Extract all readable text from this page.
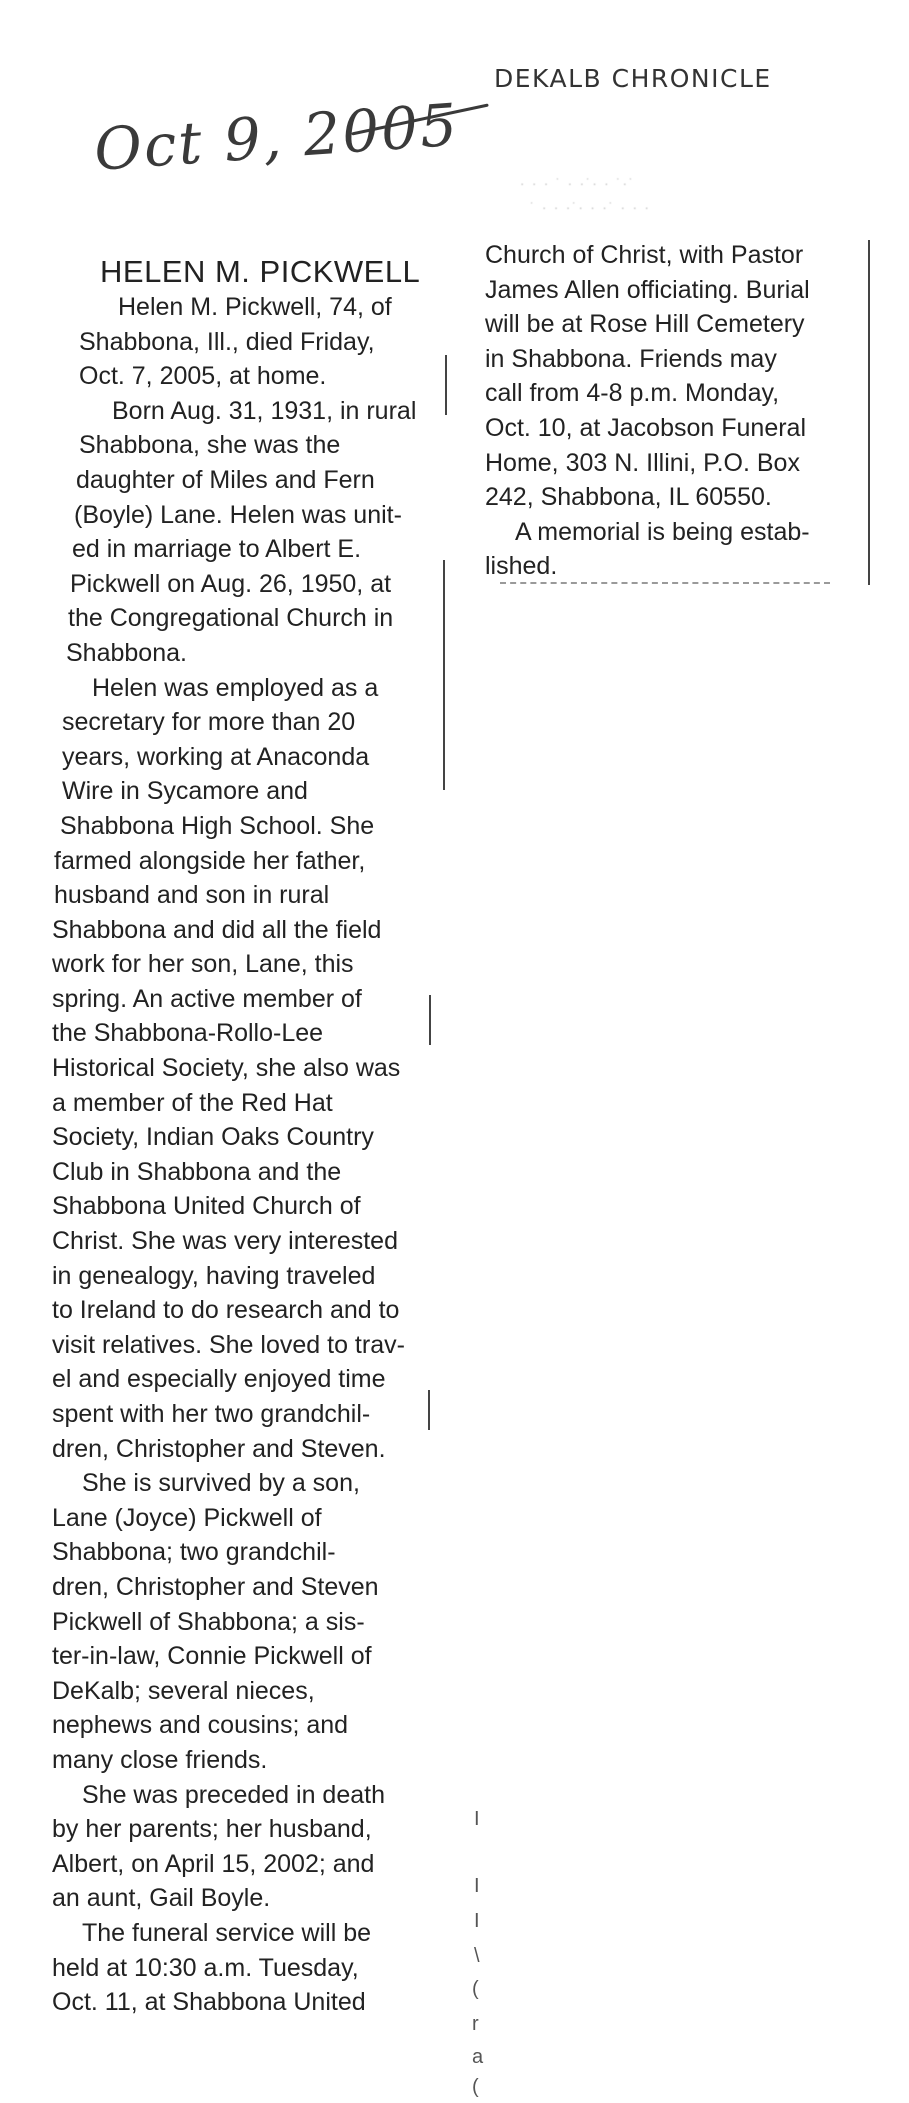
DEKALB CHRONICLE
Oct 9, 2005	· · · ˙ · ·˙· · ˙·˙
˙ · · ·˙· · ·˙ · · ·
HELEN M. PICKWELL
Helen M. Pickwell, 74, of
Shabbona, Ill., died Friday,
Oct. 7, 2005, at home.
Born Aug. 31, 1931, in rural
Shabbona, she was the
daughter of Miles and Fern
(Boyle) Lane. Helen was unit-
ed in marriage to Albert E.
Pickwell on Aug. 26, 1950, at
the Congregational Church in
Shabbona.
Helen was employed as a
secretary for more than 20
years, working at Anaconda
Wire in Sycamore and
Shabbona High School. She
farmed alongside her father,
husband and son in rural
Shabbona and did all the field
work for her son, Lane, this
spring. An active member of
the Shabbona-Rollo-Lee
Historical Society, she also was
a member of the Red Hat
Society, Indian Oaks Country
Club in Shabbona and the
Shabbona United Church of
Christ. She was very interested
in genealogy, having traveled
to Ireland to do research and to
visit relatives. She loved to trav-
el and especially enjoyed time
spent with her two grandchil-
dren, Christopher and Steven.
She is survived by a son,
Lane (Joyce) Pickwell of
Shabbona; two grandchil-
dren, Christopher and Steven
Pickwell of Shabbona; a sis-
ter-in-law, Connie Pickwell of
DeKalb; several nieces,
nephews and cousins; and
many close friends.
She was preceded in death
by her parents; her husband,
Albert, on April 15, 2002; and
an aunt, Gail Boyle.
The funeral service will be
held at 10:30 a.m. Tuesday,
Oct. 11, at Shabbona United
Church of Christ, with Pastor
James Allen officiating. Burial
will be at Rose Hill Cemetery
in Shabbona. Friends may
call from 4-8 p.m. Monday,
Oct. 10, at Jacobson Funeral
Home, 303 N. Illini, P.O. Box
242, Shabbona, IL 60550.
A memorial is being estab-
lished.
I
I
I
\
(
r
a
(
